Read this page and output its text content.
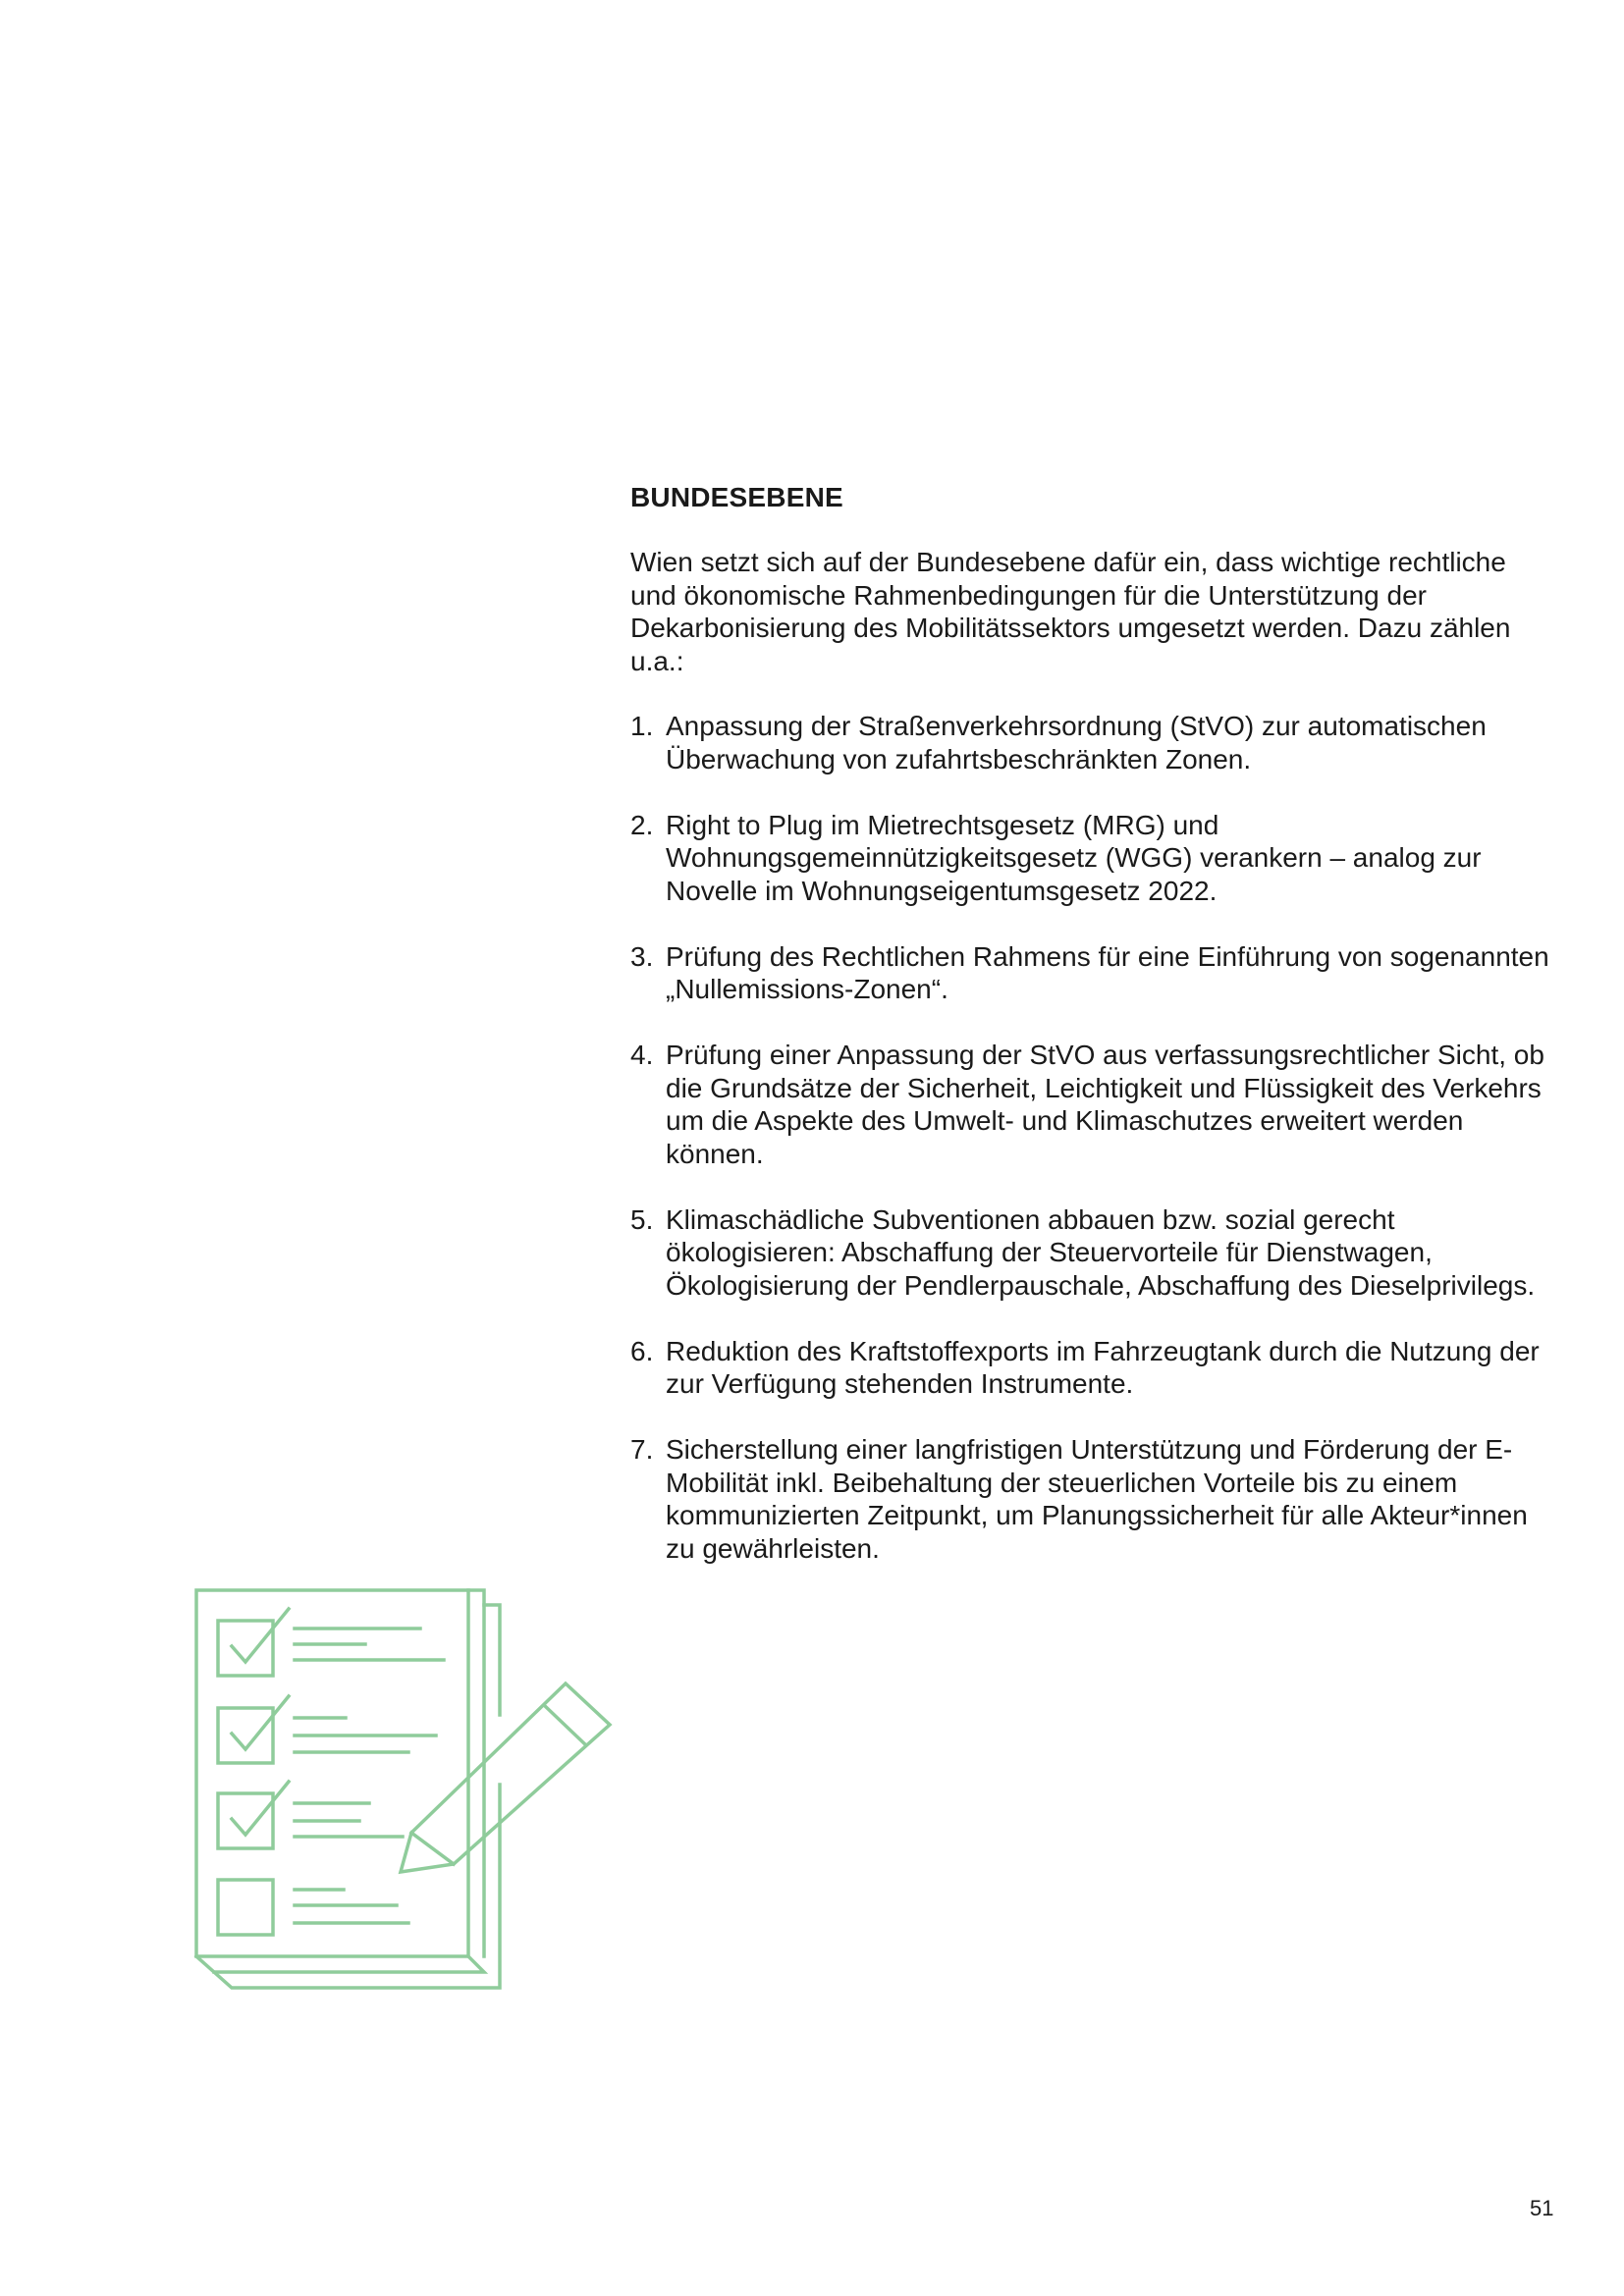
BUNDESEBENE

Wien setzt sich auf der Bundesebene dafür ein, dass wichtige rechtliche und ökonomische Rahmenbedingungen für die Unterstützung der Dekarbonisierung des Mobilitätssektors umgesetzt werden. Dazu zählen u.a.:

1. Anpassung der Straßenverkehrsordnung (StVO) zur automatischen Überwachung von zufahrtsbeschränkten Zonen.
2. Right to Plug im Mietrechtsgesetz (MRG) und Wohnungsgemeinnützigkeitsgesetz (WGG) verankern – analog zur Novelle im Wohnungseigentumsgesetz 2022.
3. Prüfung des Rechtlichen Rahmens für eine Einführung von sogenannten „Nullemissions-Zonen“.
4. Prüfung einer Anpassung der StVO aus verfassungsrechtlicher Sicht, ob die Grundsätze der Sicherheit, Leichtigkeit und Flüssigkeit des Verkehrs um die Aspekte des Umwelt- und Klimaschutzes erweitert werden können.
5. Klimaschädliche Subventionen abbauen bzw. sozial gerecht ökologisieren: Abschaffung der Steuervorteile für Dienstwagen, Ökologisierung der Pendlerpauschale, Abschaffung des Dieselprivilegs.
6. Reduktion des Kraftstoffexports im Fahrzeugtank durch die Nutzung der zur Verfügung stehenden Instrumente.
7. Sicherstellung einer langfristigen Unterstützung und Förderung der E-Mobilität inkl. Beibehaltung der steuerlichen Vorteile bis zu einem kommunizierten Zeitpunkt, um Planungssicherheit für alle Akteur*innen zu gewährleisten.
51
